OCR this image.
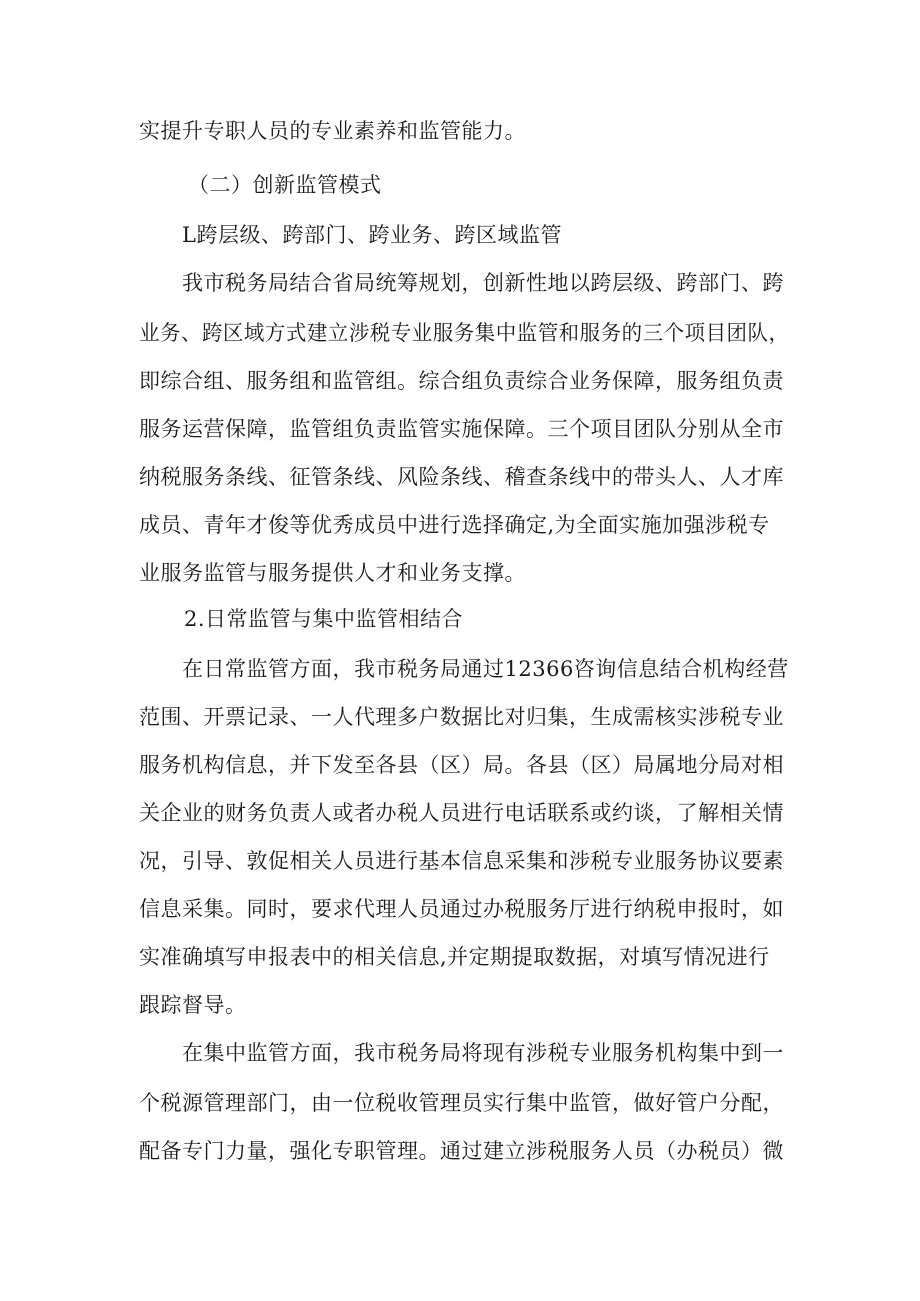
实提升专职人员的专业素养和监管能力。
（二）创新监管模式
L跨层级、跨部门、跨业务、跨区域监管
我市税务局结合省局统筹规划，创新性地以跨层级、跨部门、跨
业务、跨区域方式建立涉税专业服务集中监管和服务的三个项目团队，
即综合组、服务组和监管组。综合组负责综合业务保障，服务组负责
服务运营保障，监管组负责监管实施保障。三个项目团队分别从全市
纳税服务条线、征管条线、风险条线、稽查条线中的带头人、人才库
成员、青年才俊等优秀成员中进行选择确定,为全面实施加强涉税专
业服务监管与服务提供人才和业务支撑。
2.日常监管与集中监管相结合
在日常监管方面，我市税务局通过12366咨询信息结合机构经营
范围、开票记录、一人代理多户数据比对归集，生成需核实涉税专业
服务机构信息，并下发至各县（区）局。各县（区）局属地分局对相
关企业的财务负责人或者办税人员进行电话联系或约谈，了解相关情
况，引导、敦促相关人员进行基本信息采集和涉税专业服务协议要素
信息采集。同时，要求代理人员通过办税服务厅进行纳税申报时，如
实准确填写申报表中的相关信息,并定期提取数据，对填写情况进行
跟踪督导。
在集中监管方面，我市税务局将现有涉税专业服务机构集中到一
个税源管理部门，由一位税收管理员实行集中监管，做好管户分配，
配备专门力量，强化专职管理。通过建立涉税服务人员（办税员）微
